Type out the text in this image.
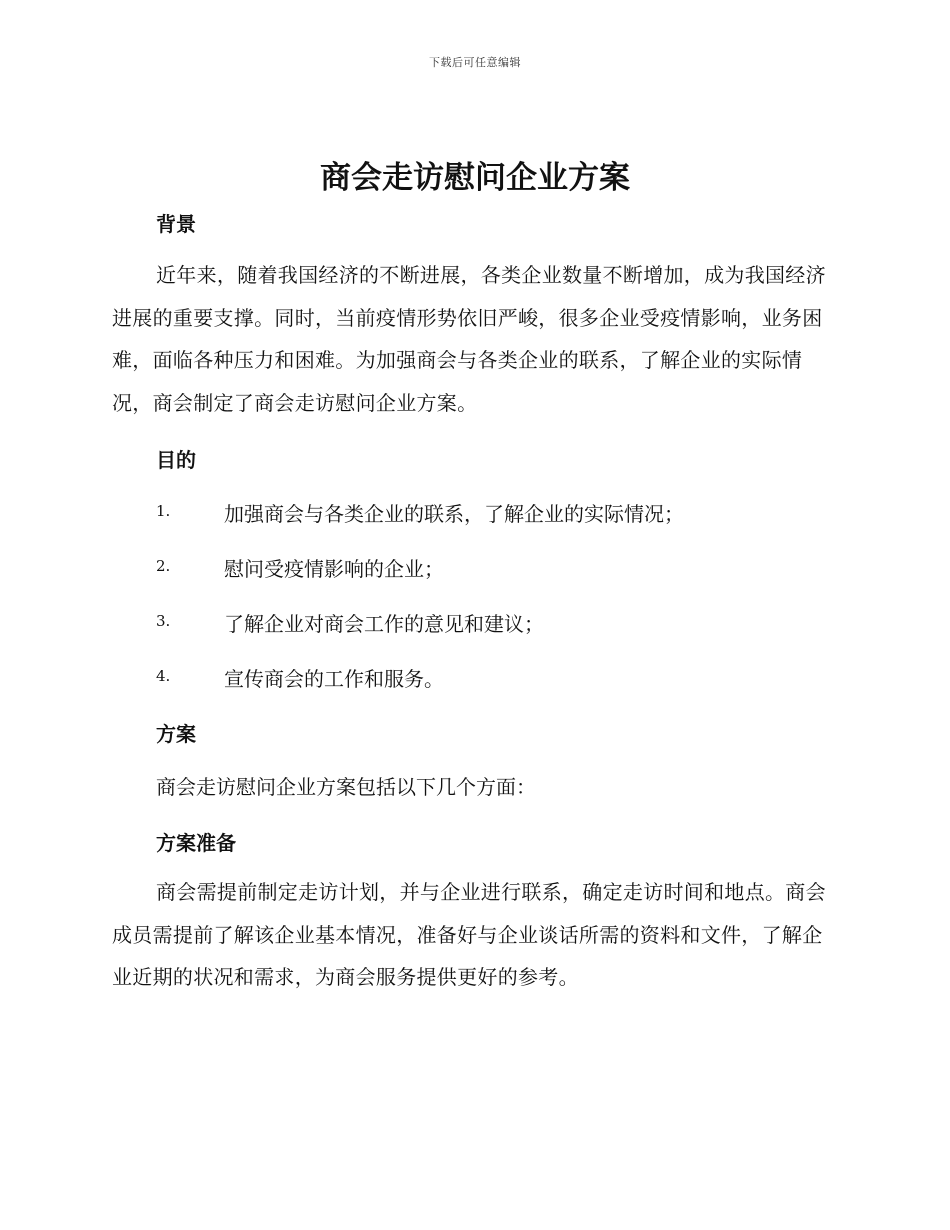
下载后可任意编辑
商会走访慰问企业方案
背景

近年来，随着我国经济的不断进展，各类企业数量不断增加，成为我国经济进展的重要支撑。同时，当前疫情形势依旧严峻，很多企业受疫情影响，业务困难，面临各种压力和困难。为加强商会与各类企业的联系，了解企业的实际情况，商会制定了商会走访慰问企业方案。

目的
1.	加强商会与各类企业的联系，了解企业的实际情况；
2.	慰问受疫情影响的企业；
3.	了解企业对商会工作的意见和建议；
4.	宣传商会的工作和服务。
方案

商会走访慰问企业方案包括以下几个方面：

方案准备

商会需提前制定走访计划，并与企业进行联系，确定走访时间和地点。商会成员需提前了解该企业基本情况，准备好与企业谈话所需的资料和文件，了解企业近期的状况和需求，为商会服务提供更好的参考。
